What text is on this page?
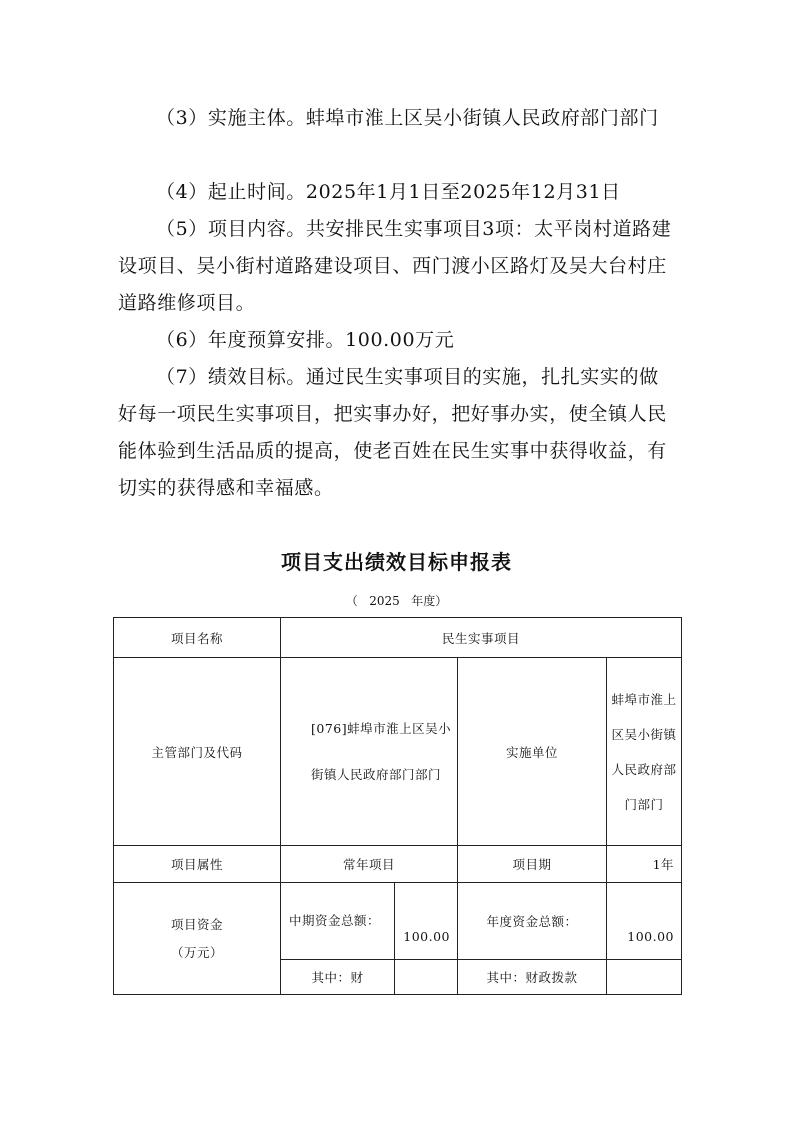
（3）实施主体。蚌埠市淮上区吴小街镇人民政府部门部门

（4）起止时间。2025年1月1日至2025年12月31日

（5）项目内容。共安排民生实事项目3项：太平岗村道路建设项目、吴小街村道路建设项目、西门渡小区路灯及吴大台村庄道路维修项目。

（6）年度预算安排。100.00万元

（7）绩效目标。通过民生实事项目的实施，扎扎实实的做好每一项民生实事项目，把实事办好，把好事办实，使全镇人民能体验到生活品质的提高，使老百姓在民生实事中获得收益，有切实的获得感和幸福感。

项目支出绩效目标申报表

（   2025   年度）

项目名称	民生实事项目			
主管部门及代码	[076]蚌埠市淮上区吴小街镇人民政府部门部门		实施单位	蚌埠市淮上区吴小街镇人民政府部门部门
项目属性	常年项目		项目期	1年

项目资金
（万元）	中期资金总额：	100.00	年度资金总额：	100.00
	其中：财		其中：财政拨款	
